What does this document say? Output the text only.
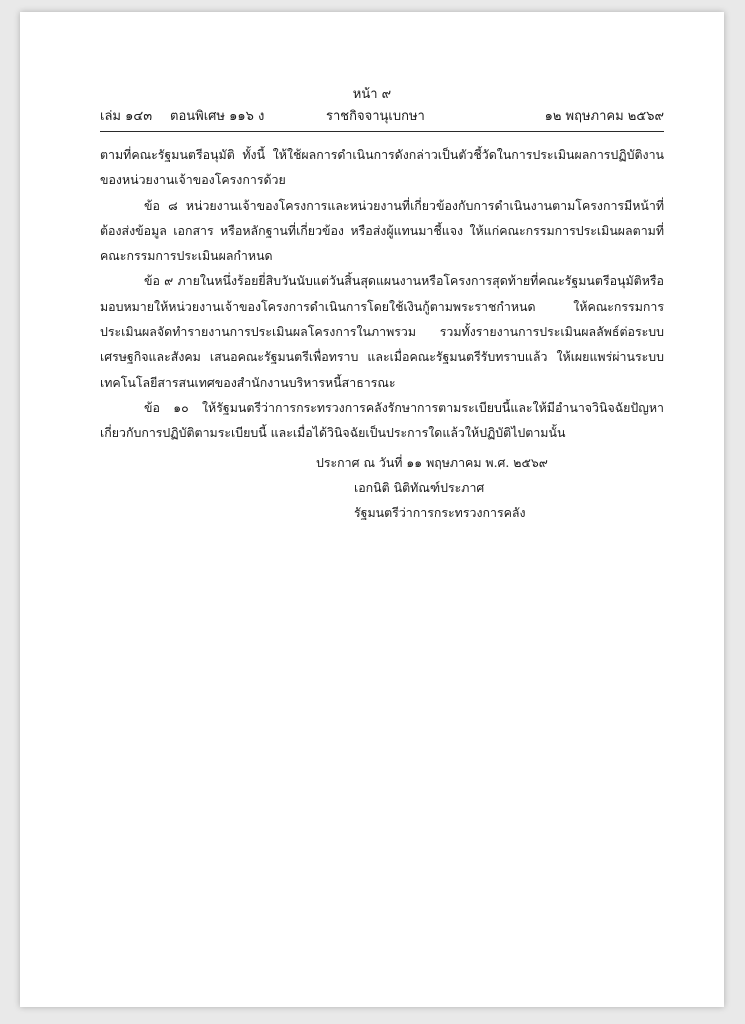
หน้า ๙
เล่ม ๑๔๓ ตอนพิเศษ ๑๑๖ ง	ราชกิจจานุเบกษา	๑๒ พฤษภาคม ๒๕๖๙

ตามที่คณะรัฐมนตรีอนุมัติ ทั้งนี้ ให้ใช้ผลการดำเนินการดังกล่าวเป็นตัวชี้วัดในการประเมินผลการปฏิบัติงานของหน่วยงานเจ้าของโครงการด้วย

ข้อ ๘ หน่วยงานเจ้าของโครงการและหน่วยงานที่เกี่ยวข้องกับการดำเนินงานตามโครงการมีหน้าที่ต้องส่งข้อมูล เอกสาร หรือหลักฐานที่เกี่ยวข้อง หรือส่งผู้แทนมาชี้แจง ให้แก่คณะกรรมการประเมินผลตามที่คณะกรรมการประเมินผลกำหนด

ข้อ ๙ ภายในหนึ่งร้อยยี่สิบวันนับแต่วันสิ้นสุดแผนงานหรือโครงการสุดท้ายที่คณะรัฐมนตรีอนุมัติหรือมอบหมายให้หน่วยงานเจ้าของโครงการดำเนินการโดยใช้เงินกู้ตามพระราชกำหนด ให้คณะกรรมการประเมินผลจัดทำรายงานการประเมินผลโครงการในภาพรวม รวมทั้งรายงานการประเมินผลลัพธ์ต่อระบบเศรษฐกิจและสังคม เสนอคณะรัฐมนตรีเพื่อทราบ และเมื่อคณะรัฐมนตรีรับทราบแล้ว ให้เผยแพร่ผ่านระบบเทคโนโลยีสารสนเทศของสำนักงานบริหารหนี้สาธารณะ

ข้อ ๑๐ ให้รัฐมนตรีว่าการกระทรวงการคลังรักษาการตามระเบียบนี้และให้มีอำนาจวินิจฉัยปัญหาเกี่ยวกับการปฏิบัติตามระเบียบนี้ และเมื่อได้วินิจฉัยเป็นประการใดแล้วให้ปฏิบัติไปตามนั้น

ประกาศ ณ วันที่ ๑๑ พฤษภาคม พ.ศ. ๒๕๖๙
เอกนิติ นิติทัณฑ์ประภาศ
รัฐมนตรีว่าการกระทรวงการคลัง
